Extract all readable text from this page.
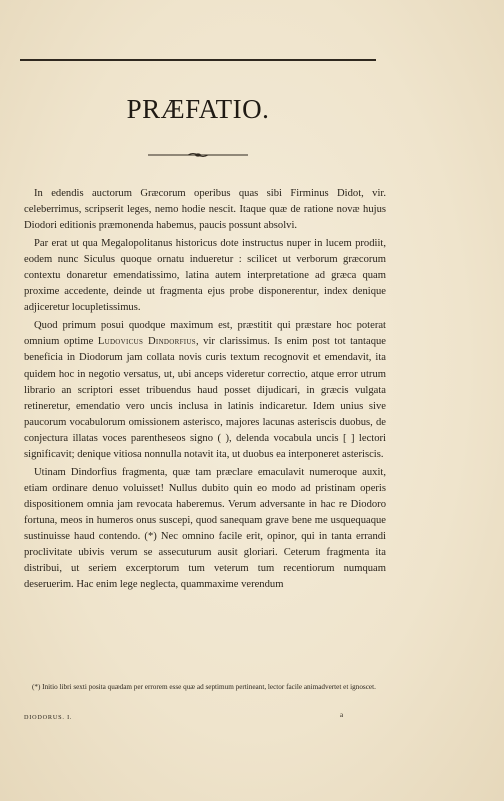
PRÆFATIO.

In edendis auctorum Græcorum operibus quas sibi Firminus Didot, vir. celeberrimus, scripserit leges, nemo hodie nescit. Itaque quæ de ratione novæ hujus Diodori editionis præmonenda habemus, paucis possunt absolvi.

Par erat ut qua Megalopolitanus historicus dote instructus nuper in lucem prodiit, eodem nunc Siculus quoque ornatu indueretur : scilicet ut verborum græcorum contextu donaretur emendatissimo, latina autem interpretatione ad græca quam proxime accedente, deinde ut fragmenta ejus probe disponerentur, index denique adjiceretur locupletissimus.

Quod primum posui quodque maximum est, præstitit qui præstare hoc poterat omnium optime Ludovicus Dindorfius, vir clarissimus. Is enim post tot tantaque beneficia in Diodorum jam collata novis curis textum recognovit et emendavit, ita quidem hoc in negotio versatus, ut, ubi anceps videretur correctio, atque error utrum librario an scriptori esset tribuendus haud posset dijudicari, in græcis vulgata retineretur, emendatio vero uncis inclusa in latinis indicaretur. Idem unius sive paucorum vocabulorum omissionem asterisco, majores lacunas asteriscis duobus, de conjectura illatas voces parentheseos signo ( ), delenda vocabula uncis [ ] lectori significavit; denique vitiosa nonnulla notavit ita, ut duobus ea interponeret asteriscis.

Utinam Dindorfius fragmenta, quæ tam præclare emaculavit numeroque auxit, etiam ordinare denuo voluisset! Nullus dubito quin eo modo ad pristinam operis dispositionem omnia jam revocata haberemus. Verum adversante in hac re Diodoro fortuna, meos in humeros onus suscepi, quod sanequam grave bene me usquequaque sustinuisse haud contendo. (*) Nec omnino facile erit, opinor, qui in tanta errandi proclivitate ubivis verum se assecuturum ausit gloriari. Ceterum fragmenta ita distribui, ut seriem excerptorum tum veterum tum recentiorum numquam deseruerim. Hac enim lege neglecta, quammaxime verendum

(*) Initio libri sexti posita quædam per errorem esse quæ ad septimum pertineant, lector facile animadvertet et ignoscet.
DIODORUS. I.	a
